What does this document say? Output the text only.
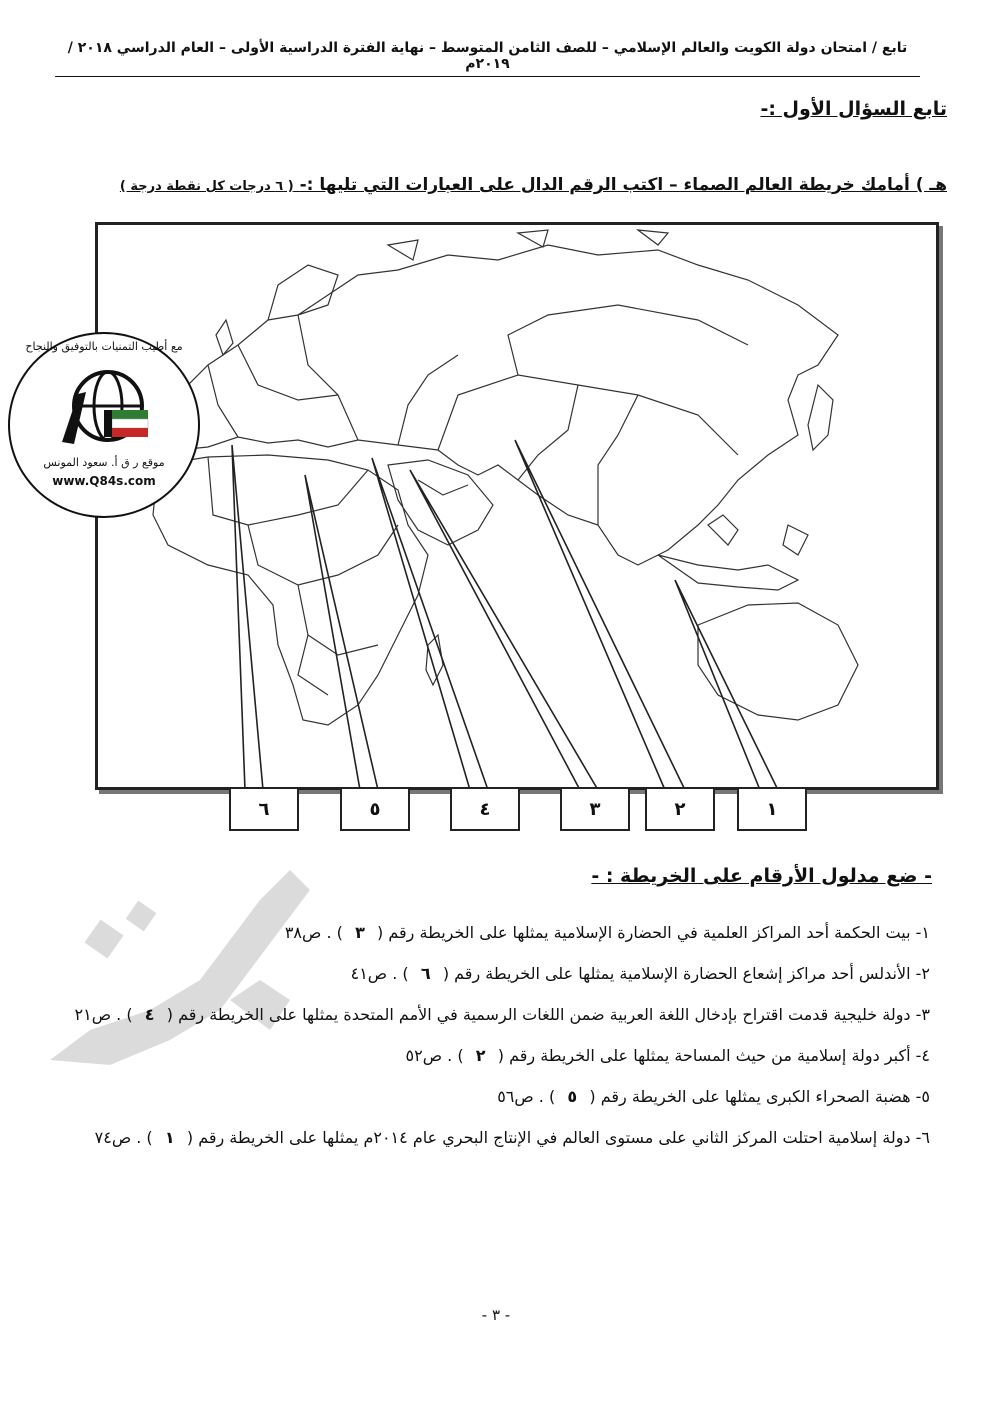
تابع / امتحان دولة الكويت والعالم الإسلامي – للصف الثامن المتوسط – نهاية الفترة الدراسية الأولى – العام الدراسي ٢٠١٨ / ٢٠١٩م
تابع السؤال الأول :-
هـ ) أمامك خريطة العالم الصماء – اكتب الرقم الدال على العبارات التي تليها :- ( ٦ درجات كل نقطة درجة )
١
٢
٣
٤
٥
٦
- ضع مدلول الأرقام على الخريطة : -
١- بيت الحكمة أحد المراكز العلمية في الحضارة الإسلامية يمثلها على الخريطة رقم ( ٣ ) . ص٣٨
٢- الأندلس أحد مراكز إشعاع الحضارة الإسلامية يمثلها على الخريطة رقم ( ٦ ) . ص٤١
٣- دولة خليجية قدمت اقتراح بإدخال اللغة العربية ضمن اللغات الرسمية في الأمم المتحدة يمثلها على الخريطة رقم ( ٤ ) . ص٢١
٤- أكبر دولة إسلامية من حيث المساحة يمثلها على الخريطة رقم ( ٢ ) . ص٥٢
٥- هضبة الصحراء الكبرى يمثلها على الخريطة رقم ( ٥ ) . ص٥٦
٦- دولة إسلامية احتلت المركز الثاني على مستوى العالم في الإنتاج البحري عام ٢٠١٤م يمثلها على الخريطة رقم ( ١ ) . ص٧٤
- ٣ -
مع أطيب التمنيات بالتوفيق والنجاح
موقع ر ق أ. سعود المونس
www.Q84s.com
